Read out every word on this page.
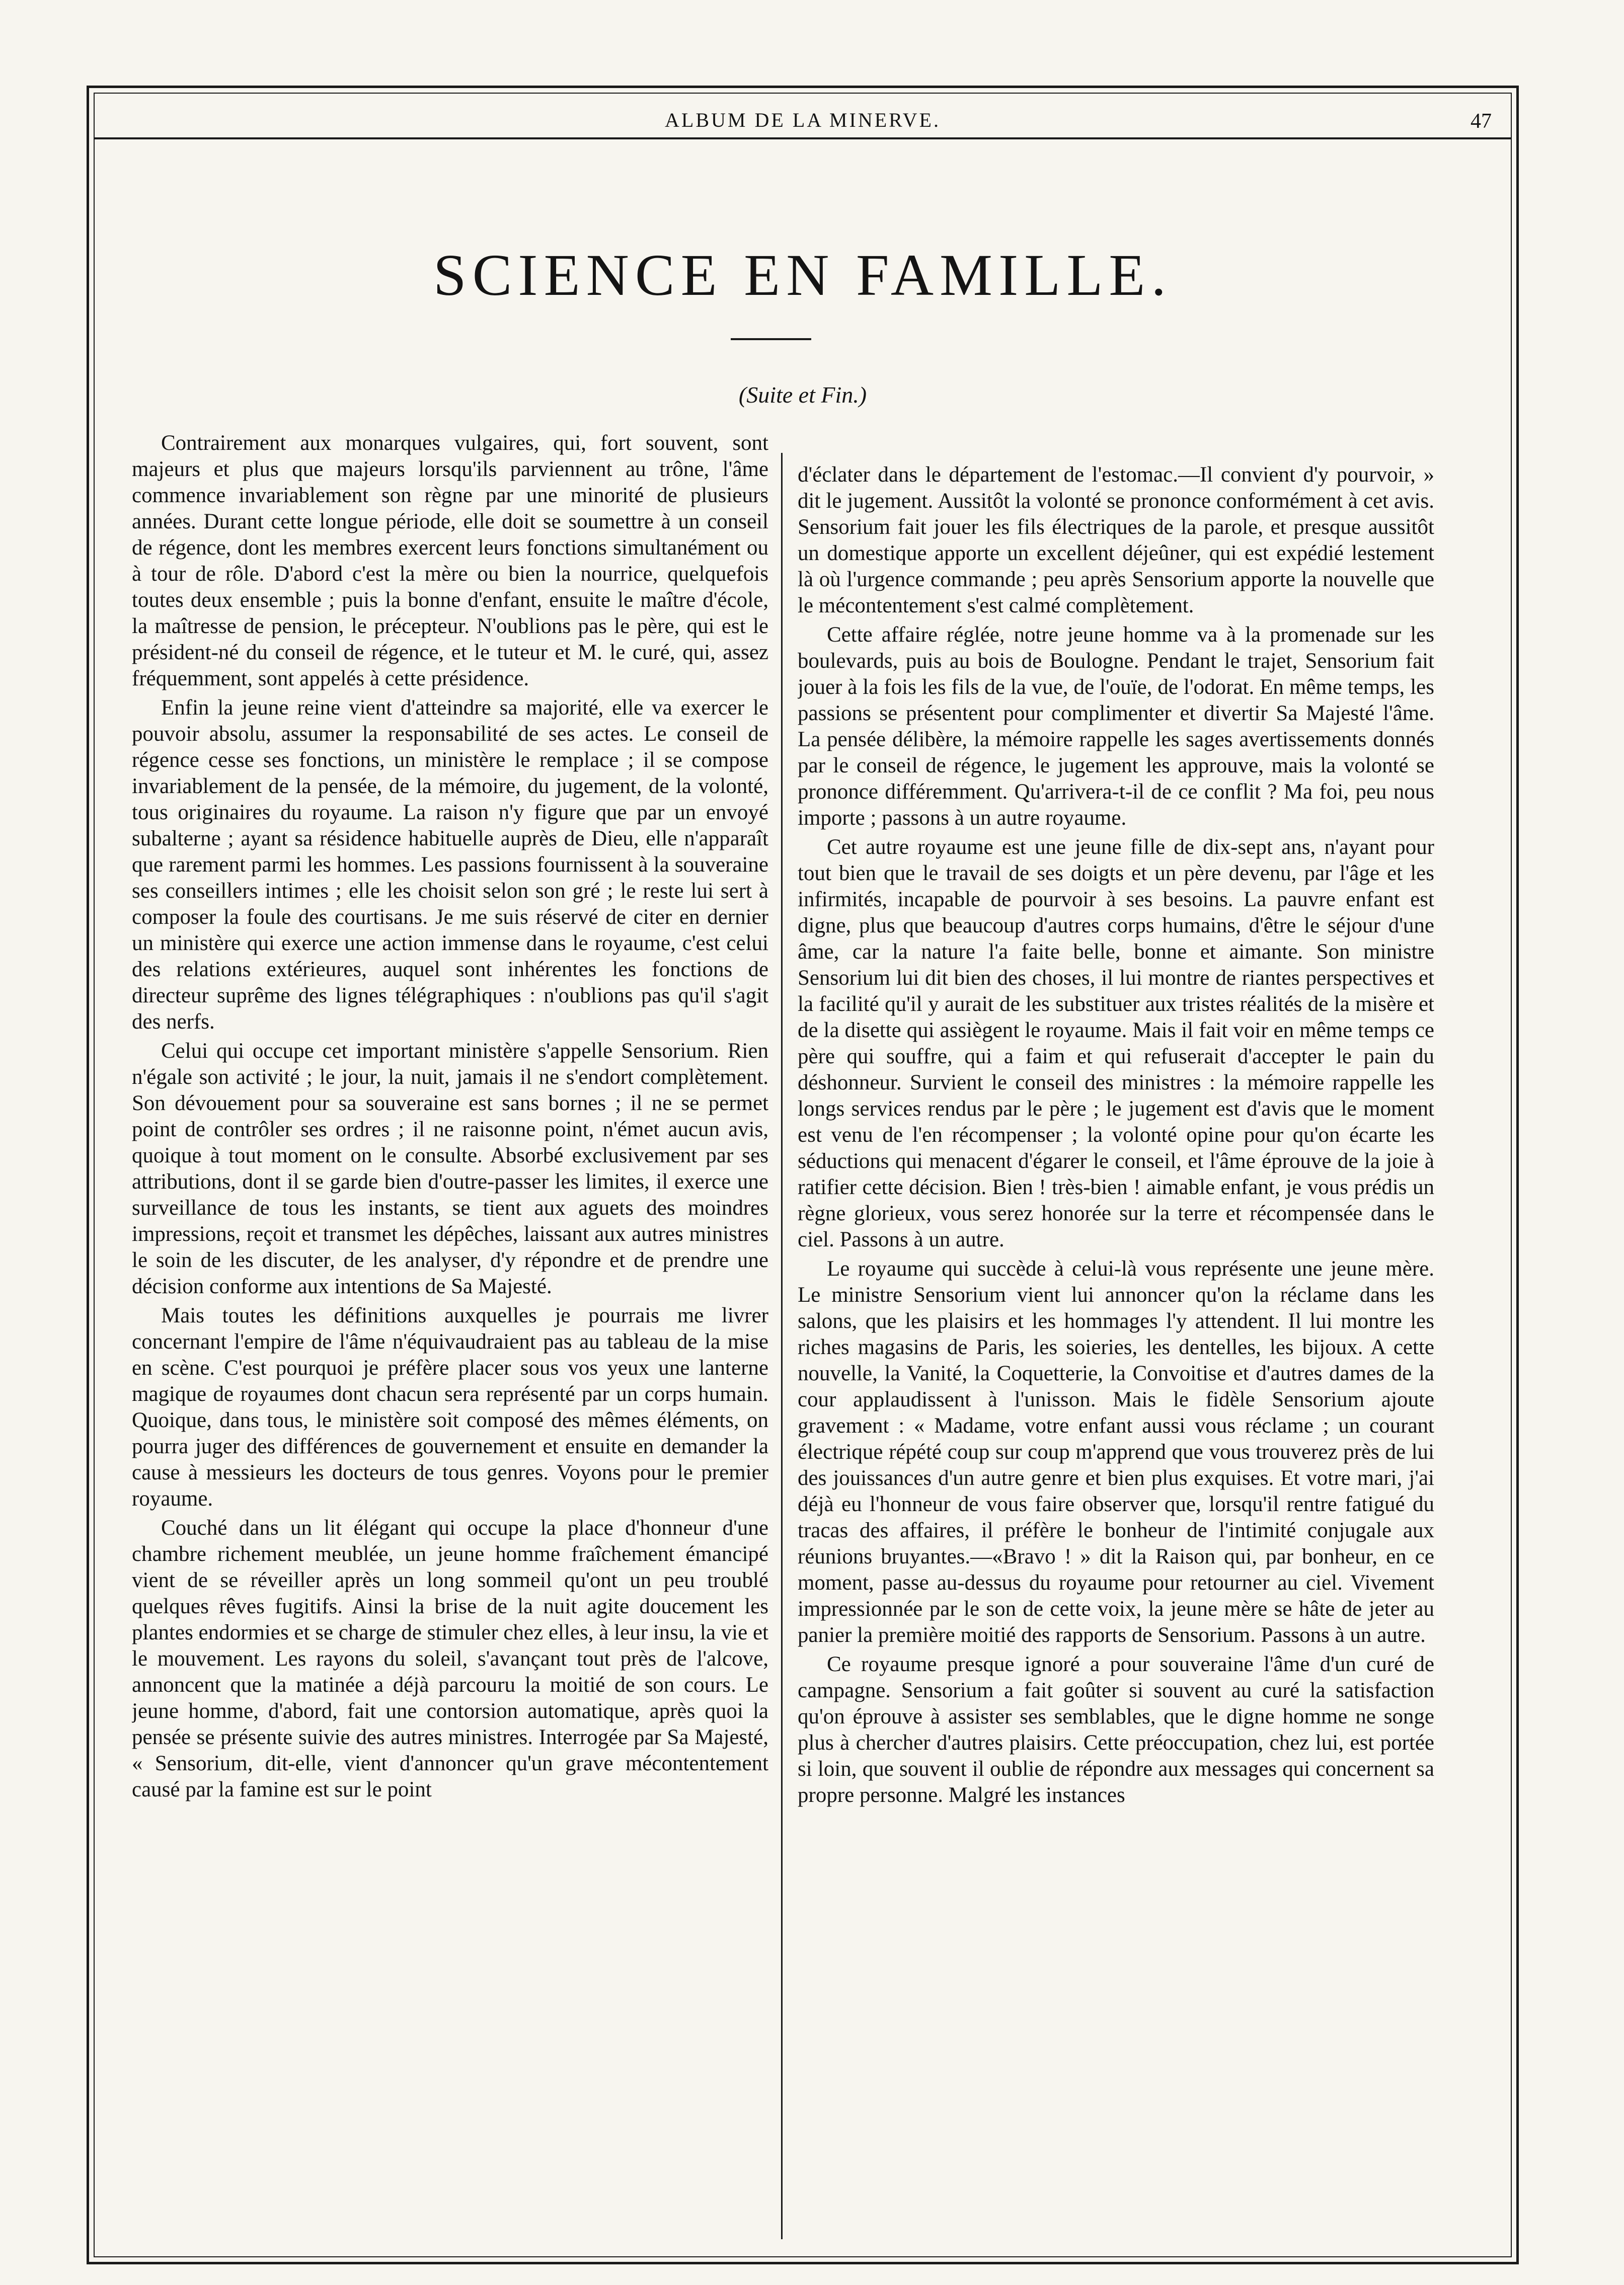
ALBUM DE LA MINERVE.	47
SCIENCE EN FAMILLE.
(Suite et Fin.)

Contrairement aux monarques vulgaires, qui, fort souvent, sont majeurs et plus que majeurs lorsqu'ils parviennent au trône, l'âme commence invariablement son règne par une minorité de plusieurs années. Durant cette longue période, elle doit se soumettre à un conseil de régence, dont les membres exercent leurs fonctions simultanément ou à tour de rôle. D'abord c'est la mère ou bien la nourrice, quelquefois toutes deux ensemble ; puis la bonne d'enfant, ensuite le maître d'école, la maîtresse de pension, le précepteur. N'oublions pas le père, qui est le président-né du conseil de régence, et le tuteur et M. le curé, qui, assez fréquemment, sont appelés à cette présidence.

Enfin la jeune reine vient d'atteindre sa majorité, elle va exercer le pouvoir absolu, assumer la responsabilité de ses actes. Le conseil de régence cesse ses fonctions, un ministère le remplace ; il se compose invariablement de la pensée, de la mémoire, du jugement, de la volonté, tous originaires du royaume. La raison n'y figure que par un envoyé subalterne ; ayant sa résidence habituelle auprès de Dieu, elle n'apparaît que rarement parmi les hommes. Les passions fournissent à la souveraine ses conseillers intimes ; elle les choisit selon son gré ; le reste lui sert à composer la foule des courtisans. Je me suis réservé de citer en dernier un ministère qui exerce une action immense dans le royaume, c'est celui des relations extérieures, auquel sont inhérentes les fonctions de directeur suprême des lignes télégraphiques : n'oublions pas qu'il s'agit des nerfs.

Celui qui occupe cet important ministère s'appelle Sensorium. Rien n'égale son activité ; le jour, la nuit, jamais il ne s'endort complètement. Son dévouement pour sa souveraine est sans bornes ; il ne se permet point de contrôler ses ordres ; il ne raisonne point, n'émet aucun avis, quoique à tout moment on le consulte. Absorbé exclusivement par ses attributions, dont il se garde bien d'outre-passer les limites, il exerce une surveillance de tous les instants, se tient aux aguets des moindres impressions, reçoit et transmet les dépêches, laissant aux autres ministres le soin de les discuter, de les analyser, d'y répondre et de prendre une décision conforme aux intentions de Sa Majesté.

Mais toutes les définitions auxquelles je pourrais me livrer concernant l'empire de l'âme n'équivaudraient pas au tableau de la mise en scène. C'est pourquoi je préfère placer sous vos yeux une lanterne magique de royaumes dont chacun sera représenté par un corps humain. Quoique, dans tous, le ministère soit composé des mêmes éléments, on pourra juger des différences de gouvernement et ensuite en demander la cause à messieurs les docteurs de tous genres. Voyons pour le premier royaume.

Couché dans un lit élégant qui occupe la place d'honneur d'une chambre richement meublée, un jeune homme fraîchement émancipé vient de se réveiller après un long sommeil qu'ont un peu troublé quelques rêves fugitifs. Ainsi la brise de la nuit agite doucement les plantes endormies et se charge de stimuler chez elles, à leur insu, la vie et le mouvement. Les rayons du soleil, s'avançant tout près de l'alcove, annoncent que la matinée a déjà parcouru la moitié de son cours. Le jeune homme, d'abord, fait une contorsion automatique, après quoi la pensée se présente suivie des autres ministres. Interrogée par Sa Majesté, « Sensorium, dit-elle, vient d'annoncer qu'un grave mécontentement causé par la famine est sur le point

d'éclater dans le département de l'estomac.—Il convient d'y pourvoir, » dit le jugement. Aussitôt la volonté se prononce conformément à cet avis. Sensorium fait jouer les fils électriques de la parole, et presque aussitôt un domestique apporte un excellent déjeûner, qui est expédié lestement là où l'urgence commande ; peu après Sensorium apporte la nouvelle que le mécontentement s'est calmé complètement.

Cette affaire réglée, notre jeune homme va à la promenade sur les boulevards, puis au bois de Boulogne. Pendant le trajet, Sensorium fait jouer à la fois les fils de la vue, de l'ouïe, de l'odorat. En même temps, les passions se présentent pour complimenter et divertir Sa Majesté l'âme. La pensée délibère, la mémoire rappelle les sages avertissements donnés par le conseil de régence, le jugement les approuve, mais la volonté se prononce différemment. Qu'arrivera-t-il de ce conflit ? Ma foi, peu nous importe ; passons à un autre royaume.

Cet autre royaume est une jeune fille de dix-sept ans, n'ayant pour tout bien que le travail de ses doigts et un père devenu, par l'âge et les infirmités, incapable de pourvoir à ses besoins. La pauvre enfant est digne, plus que beaucoup d'autres corps humains, d'être le séjour d'une âme, car la nature l'a faite belle, bonne et aimante. Son ministre Sensorium lui dit bien des choses, il lui montre de riantes perspectives et la facilité qu'il y aurait de les substituer aux tristes réalités de la misère et de la disette qui assiègent le royaume. Mais il fait voir en même temps ce père qui souffre, qui a faim et qui refuserait d'accepter le pain du déshonneur. Survient le conseil des ministres : la mémoire rappelle les longs services rendus par le père ; le jugement est d'avis que le moment est venu de l'en récompenser ; la volonté opine pour qu'on écarte les séductions qui menacent d'égarer le conseil, et l'âme éprouve de la joie à ratifier cette décision. Bien ! très-bien ! aimable enfant, je vous prédis un règne glorieux, vous serez honorée sur la terre et récompensée dans le ciel. Passons à un autre.

Le royaume qui succède à celui-là vous représente une jeune mère. Le ministre Sensorium vient lui annoncer qu'on la réclame dans les salons, que les plaisirs et les hommages l'y attendent. Il lui montre les riches magasins de Paris, les soieries, les dentelles, les bijoux. A cette nouvelle, la Vanité, la Coquetterie, la Convoitise et d'autres dames de la cour applaudissent à l'unisson. Mais le fidèle Sensorium ajoute gravement : « Madame, votre enfant aussi vous réclame ; un courant électrique répété coup sur coup m'apprend que vous trouverez près de lui des jouissances d'un autre genre et bien plus exquises. Et votre mari, j'ai déjà eu l'honneur de vous faire observer que, lorsqu'il rentre fatigué du tracas des affaires, il préfère le bonheur de l'intimité conjugale aux réunions bruyantes.—«Bravo ! » dit la Raison qui, par bonheur, en ce moment, passe au-dessus du royaume pour retourner au ciel. Vivement impressionnée par le son de cette voix, la jeune mère se hâte de jeter au panier la première moitié des rapports de Sensorium. Passons à un autre.

Ce royaume presque ignoré a pour souveraine l'âme d'un curé de campagne. Sensorium a fait goûter si souvent au curé la satisfaction qu'on éprouve à assister ses semblables, que le digne homme ne songe plus à chercher d'autres plaisirs. Cette préoccupation, chez lui, est portée si loin, que souvent il oublie de répondre aux messages qui concernent sa propre personne. Malgré les instances
